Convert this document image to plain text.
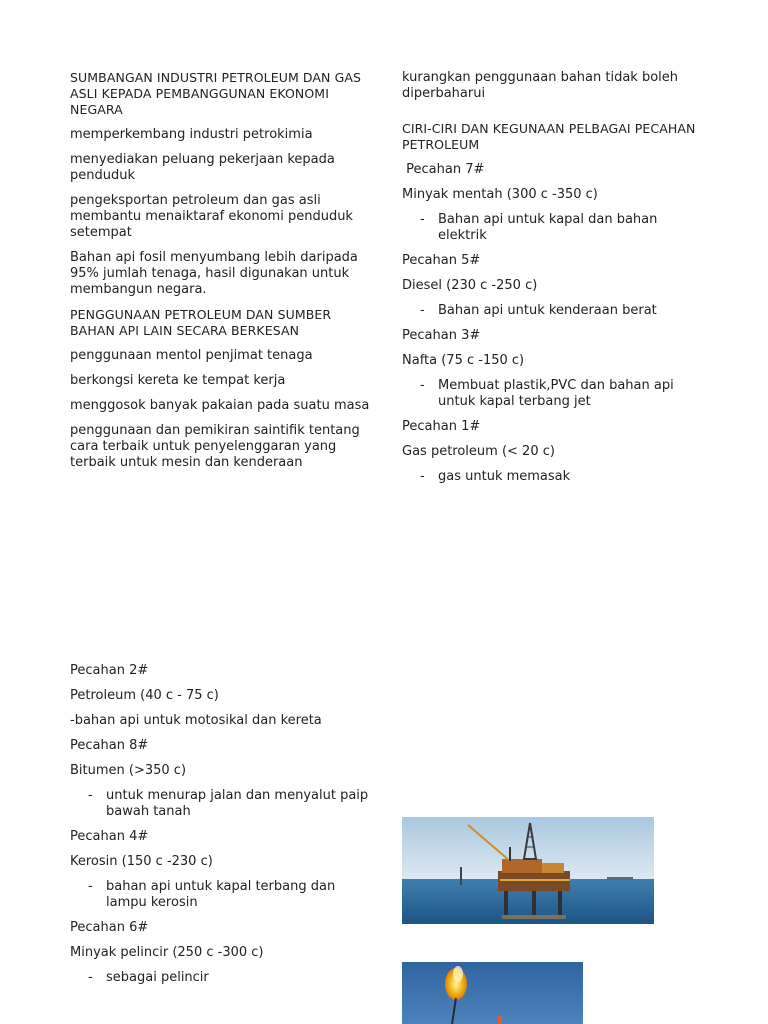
SUMBANGAN INDUSTRI PETROLEUM DAN GAS ASLI KEPADA PEMBANGGUNAN EKONOMI NEGARA

memperkembang industri petrokimia

menyediakan peluang pekerjaan kepada penduduk

pengeksportan petroleum dan gas asli membantu menaiktaraf ekonomi penduduk setempat

Bahan api fosil menyumbang lebih daripada 95% jumlah tenaga, hasil digunakan untuk membangun negara.

PENGGUNAAN PETROLEUM DAN SUMBER BAHAN API LAIN SECARA BERKESAN

penggunaan mentol penjimat tenaga

berkongsi kereta ke tempat kerja

menggosok banyak pakaian pada suatu masa

penggunaan dan pemikiran saintifik tentang cara terbaik untuk penyelenggaran yang terbaik untuk mesin dan kenderaan

kurangkan penggunaan bahan tidak boleh diperbaharui

CIRI-CIRI DAN KEGUNAAN PELBAGAI PECAHAN PETROLEUM

Pecahan 7#

Minyak mentah (300 c -350 c)

-	Bahan api untuk kapal dan bahan elektrik

Pecahan 5#

Diesel (230 c -250 c)

-	Bahan api untuk kenderaan berat

Pecahan 3#

Nafta (75 c -150 c)

-	Membuat plastik,PVC dan bahan api untuk kapal terbang jet

Pecahan 1#

Gas petroleum (< 20 c)

-	gas untuk memasak

Pecahan 2#

Petroleum (40 c - 75 c)

-bahan api untuk motosikal dan kereta

Pecahan 8#

Bitumen (>350 c)

-	untuk menurap jalan dan menyalut paip bawah tanah

Pecahan 4#

Kerosin (150 c -230 c)

-	bahan api untuk kapal terbang dan lampu kerosin

Pecahan 6#

Minyak pelincir (250 c -300 c)

-	sebagai pelincir
